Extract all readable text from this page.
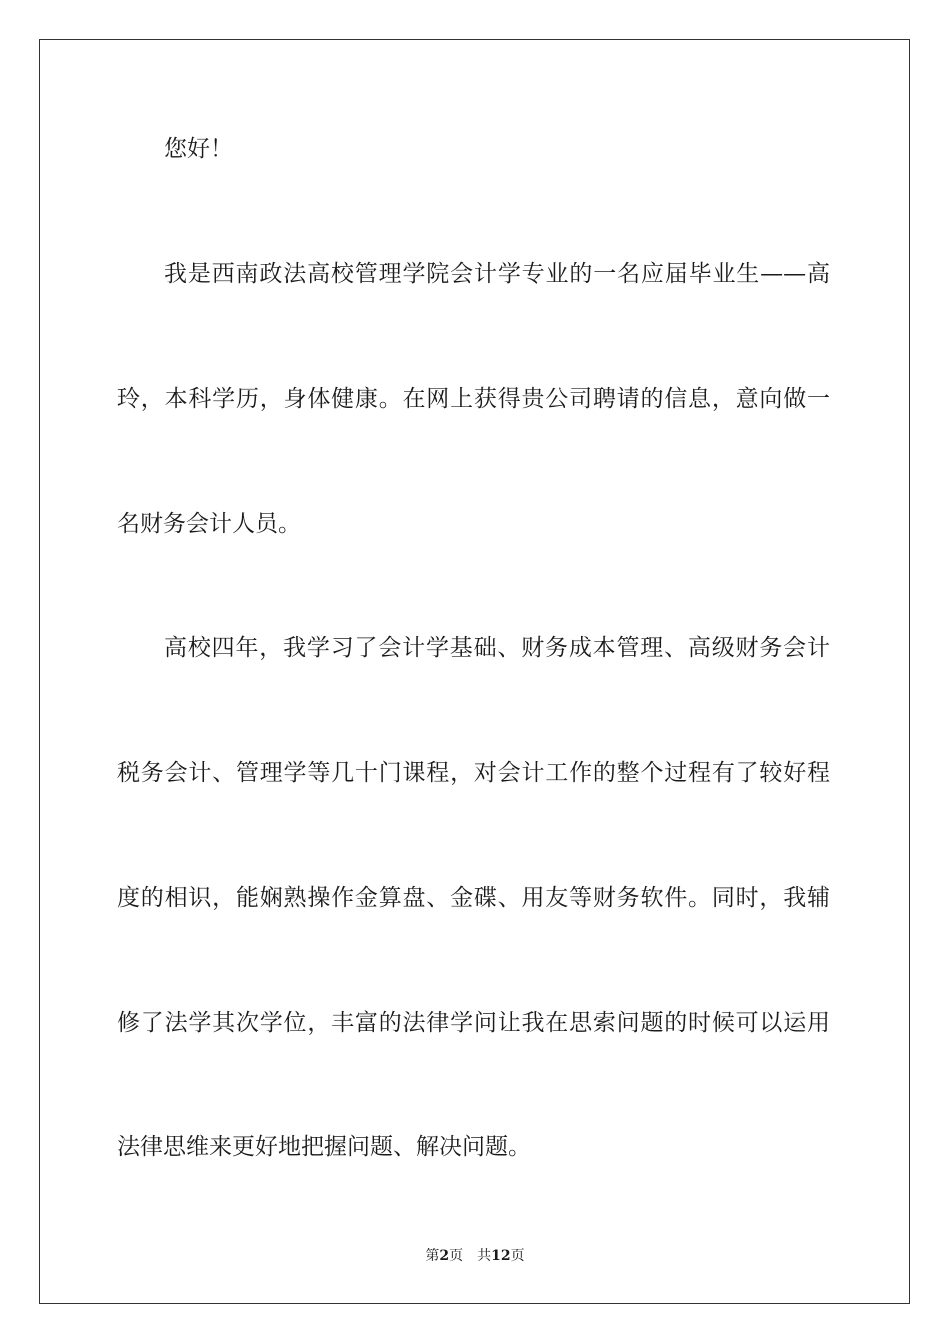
您好！
我是西南政法高校管理学院会计学专业的一名应届毕业生——高
玲，本科学历，身体健康。在网上获得贵公司聘请的信息，意向做一
名财务会计人员。
高校四年，我学习了会计学基础、财务成本管理、高级财务会计
税务会计、管理学等几十门课程，对会计工作的整个过程有了较好程
度的相识，能娴熟操作金算盘、金碟、用友等财务软件。同时，我辅
修了法学其次学位，丰富的法律学问让我在思索问题的时候可以运用
法律思维来更好地把握问题、解决问题。
第2页 共12页
